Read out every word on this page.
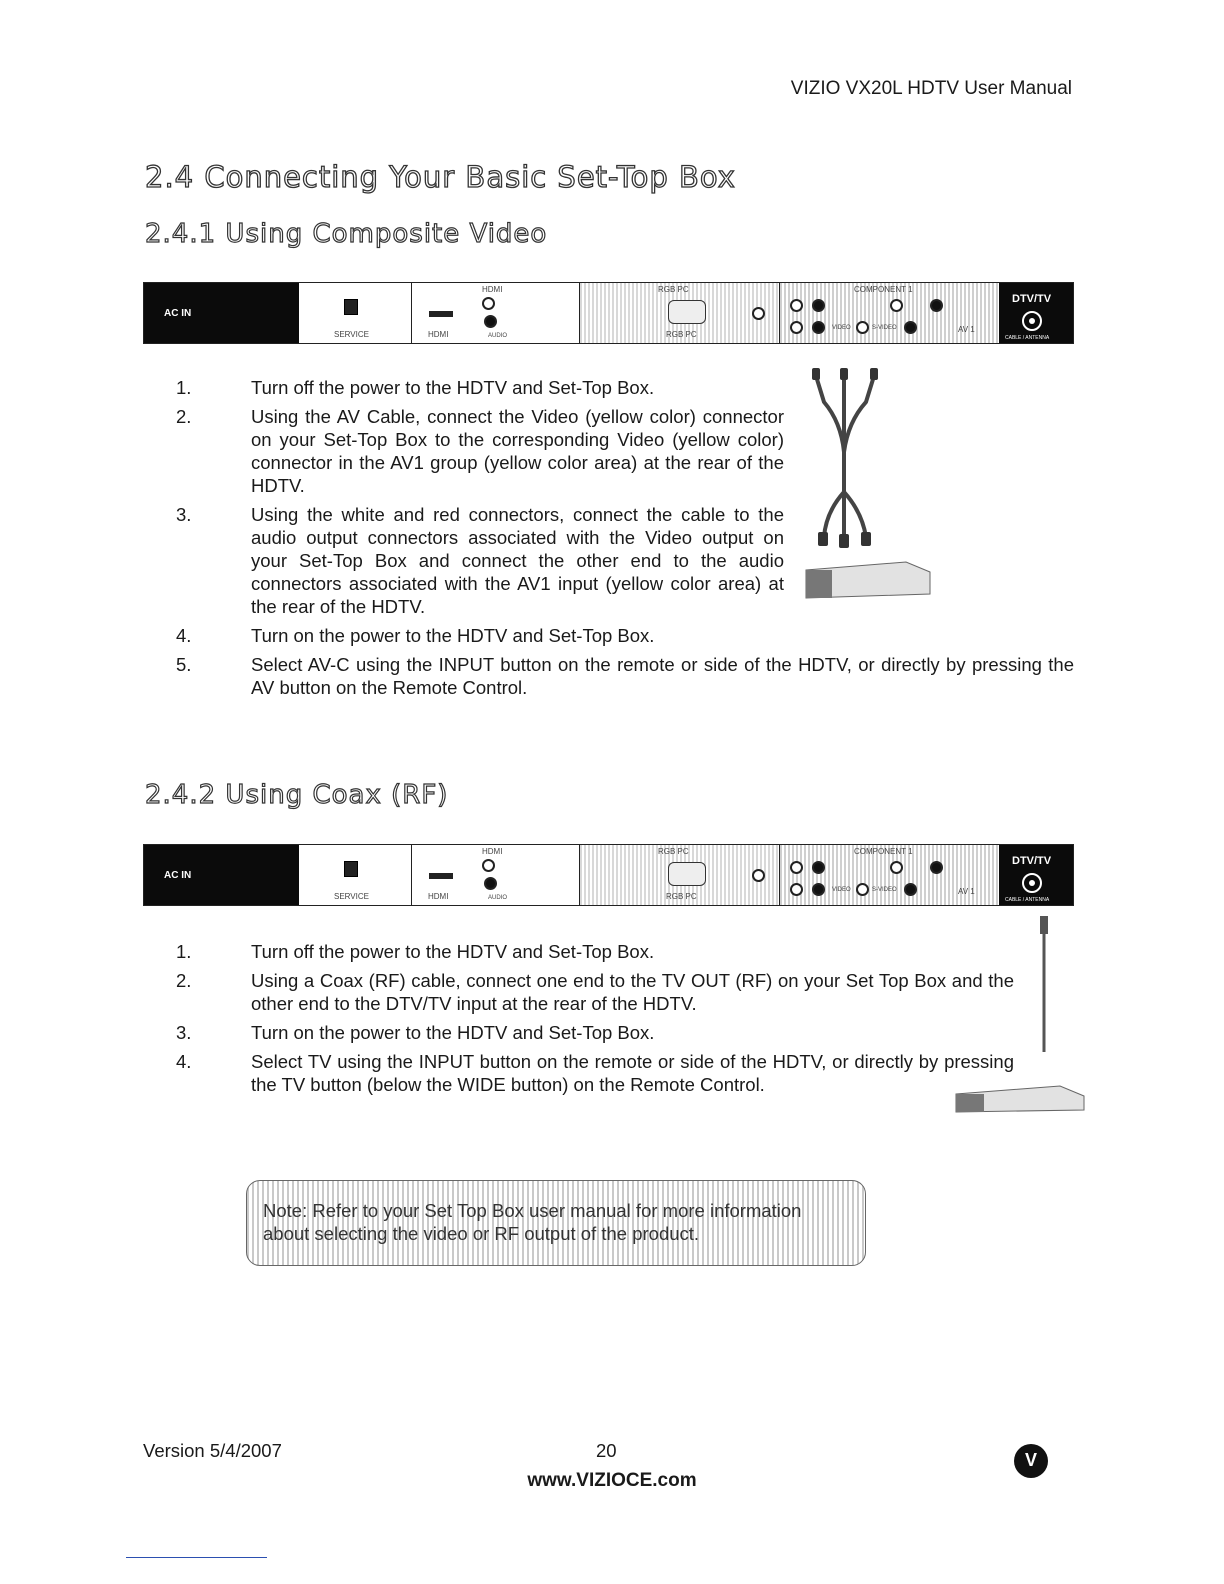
VIZIO VX20L HDTV User Manual
2.4 Connecting Your Basic Set-Top Box
2.4.1 Using Composite Video
AC IN
SERVICE
HDMI
HDMI	AUDIO
RGB PC
RGB PC
COMPONENT 1
VIDEO	S-VIDEO	AV 1
DTV/TV
CABLE / ANTENNA
1.	Turn off the power to the HDTV and Set-Top Box.
2.	Using the AV Cable, connect the Video (yellow color) connector on your Set-Top Box to the corresponding Video (yellow color) connector in the AV1 group (yellow color area) at the rear of the HDTV.
3.	Using the white and red connectors, connect the cable to the audio output connectors associated with the Video output on your Set-Top Box and connect the other end to the audio connectors associated with the AV1 input (yellow color area) at the rear of the HDTV.
4.	Turn on the power to the HDTV and Set-Top Box.
5.	Select AV-C using the INPUT button on the remote or side of the HDTV, or directly by pressing the AV button on the Remote Control.
2.4.2 Using Coax (RF)
AC IN
SERVICE
HDMI
HDMI	AUDIO
RGB PC
RGB PC
COMPONENT 1
VIDEO	S-VIDEO	AV 1
DTV/TV
CABLE / ANTENNA
1.	Turn off the power to the HDTV and Set-Top Box.
2.	Using a Coax (RF) cable, connect one end to the TV OUT (RF) on your Set Top Box and the other end to the DTV/TV input at the rear of the HDTV.
3.	Turn on the power to the HDTV and Set-Top Box.
4.	Select TV using the INPUT button on the remote or side of the HDTV, or directly by pressing the TV button (below the WIDE button) on the Remote Control.
Note: Refer to your Set Top Box user manual for more information about selecting the video or RF output of the product.
Version 5/4/2007	20
www.VIZIOCE.com
V
